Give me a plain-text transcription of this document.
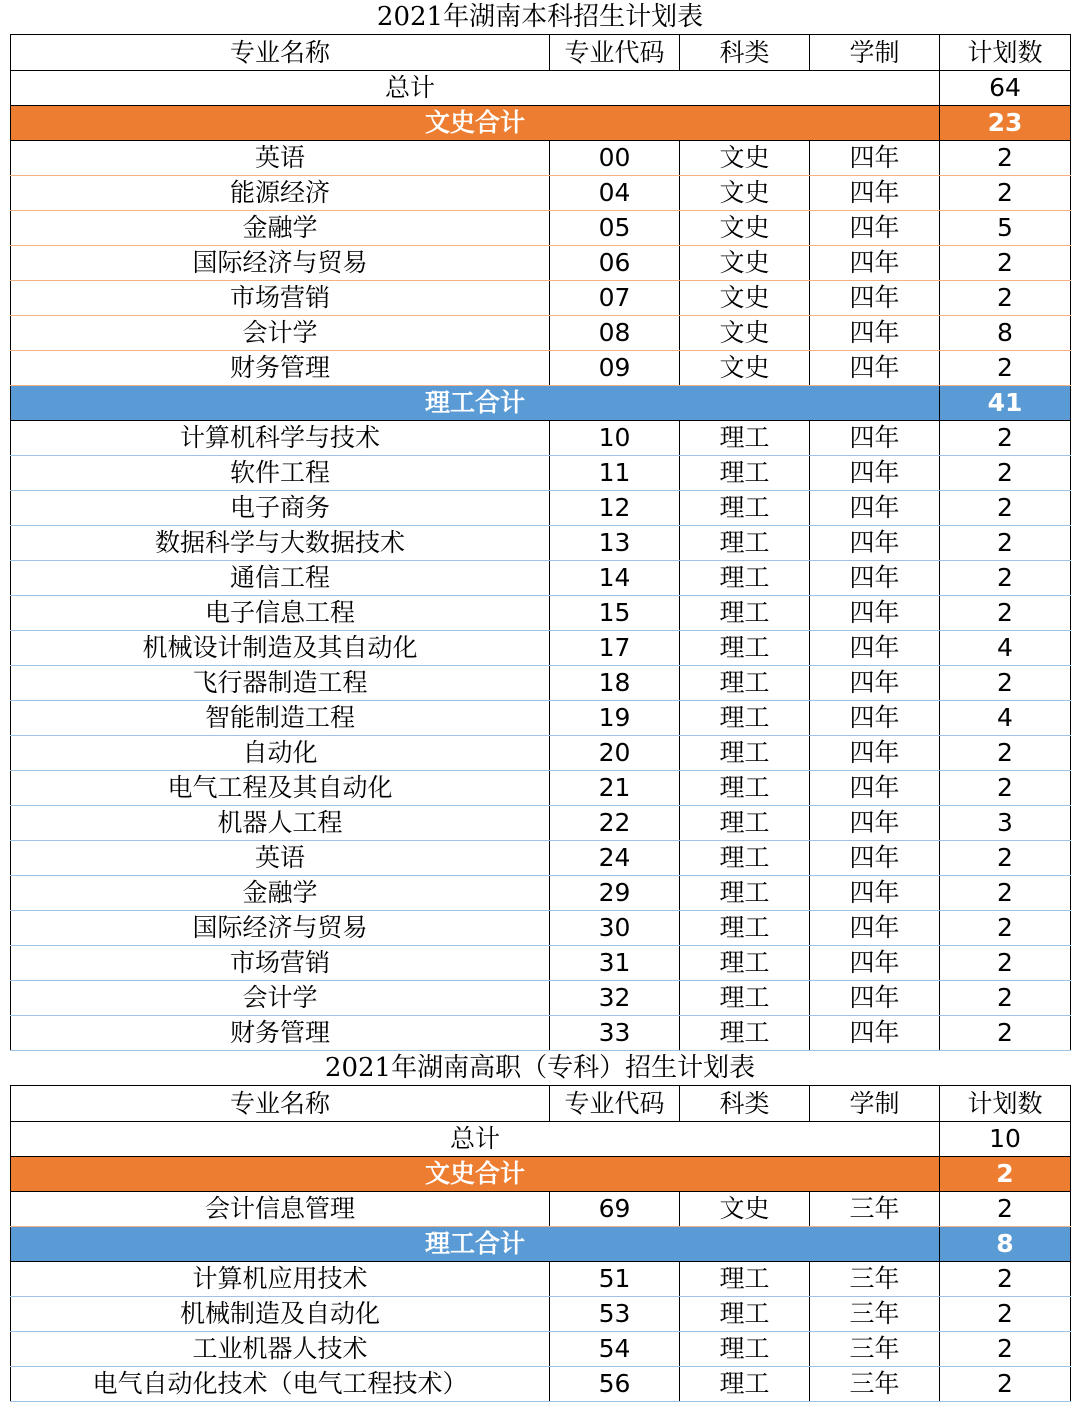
2021年湖南本科招生计划表
专业名称	专业代码	科类	学制	计划数
总计				64
文史合计				23
英语	00	文史	四年	2
能源经济	04	文史	四年	2
金融学	05	文史	四年	5
国际经济与贸易	06	文史	四年	2
市场营销	07	文史	四年	2
会计学	08	文史	四年	8
财务管理	09	文史	四年	2
理工合计				41
计算机科学与技术	10	理工	四年	2
软件工程	11	理工	四年	2
电子商务	12	理工	四年	2
数据科学与大数据技术	13	理工	四年	2
通信工程	14	理工	四年	2
电子信息工程	15	理工	四年	2
机械设计制造及其自动化	17	理工	四年	4
飞行器制造工程	18	理工	四年	2
智能制造工程	19	理工	四年	4
自动化	20	理工	四年	2
电气工程及其自动化	21	理工	四年	2
机器人工程	22	理工	四年	3
英语	24	理工	四年	2
金融学	29	理工	四年	2
国际经济与贸易	30	理工	四年	2
市场营销	31	理工	四年	2
会计学	32	理工	四年	2
财务管理	33	理工	四年	2
2021年湖南高职（专科）招生计划表
专业名称	专业代码	科类	学制	计划数
总计				10
文史合计				2
会计信息管理	69	文史	三年	2
理工合计				8
计算机应用技术	51	理工	三年	2
机械制造及自动化	53	理工	三年	2
工业机器人技术	54	理工	三年	2
电气自动化技术（电气工程技术）	56	理工	三年	2
